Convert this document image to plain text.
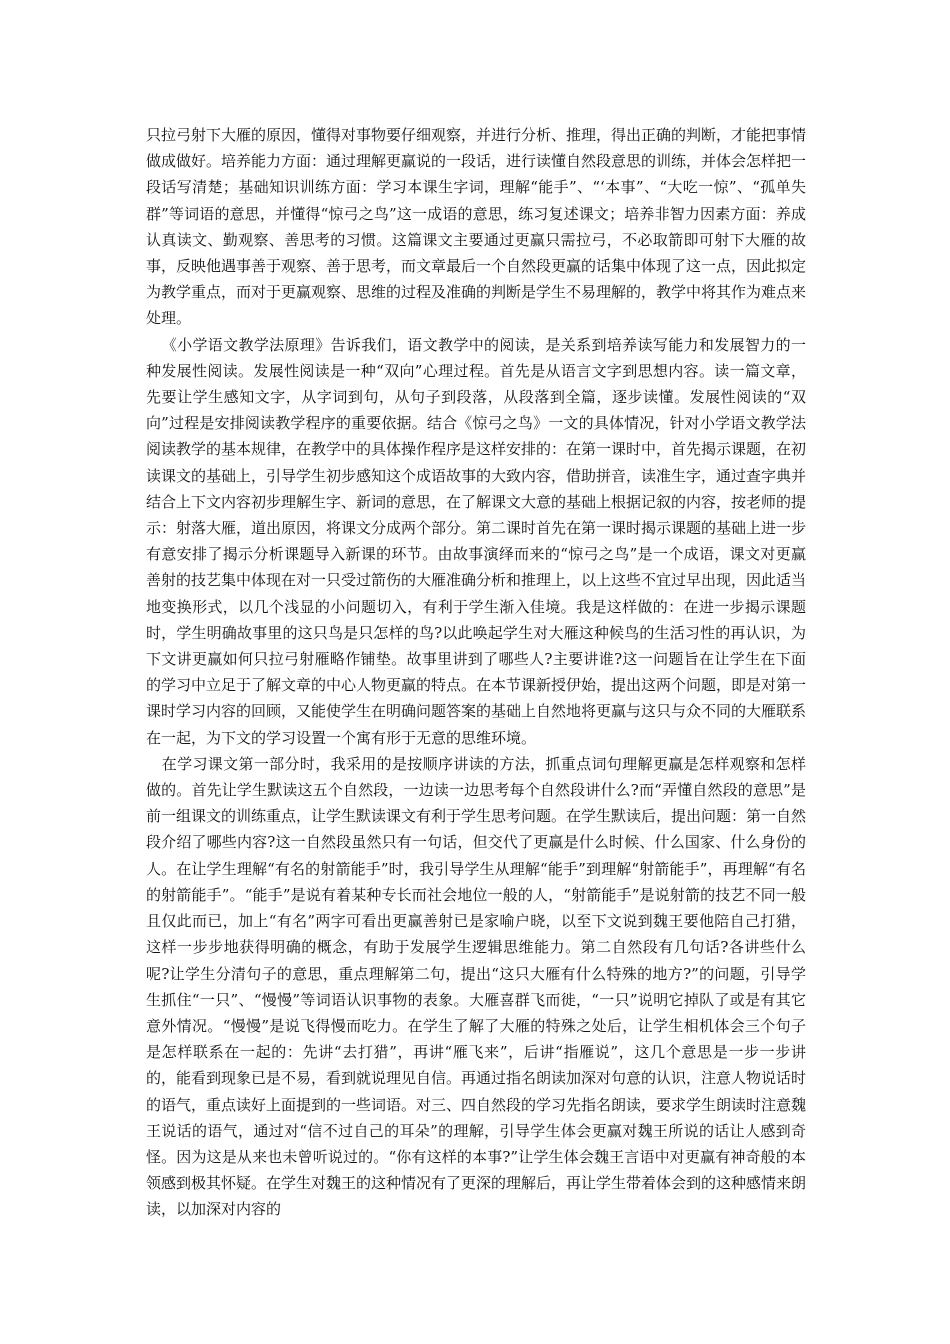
只拉弓射下大雁的原因，懂得对事物要仔细观察，并进行分析、推理，得出正确的判断，才能把事情做成做好。培养能力方面：通过理解更赢说的一段话，进行读懂自然段意思的训练，并体会怎样把一段话写清楚；基础知识训练方面：学习本课生字词，理解“能手”、“‘本事”、“大吃一惊”、“孤单失群”等词语的意思，并懂得“惊弓之鸟”这一成语的意思，练习复述课文；培养非智力因素方面：养成认真读文、勤观察、善思考的习惯。这篇课文主要通过更赢只需拉弓，不必取箭即可射下大雁的故事，反映他遇事善于观察、善于思考，而文章最后一个自然段更赢的话集中体现了这一点，因此拟定为教学重点，而对于更赢观察、思维的过程及准确的判断是学生不易理解的，教学中将其作为难点来处理。

《小学语文教学法原理》告诉我们，语文教学中的阅读，是关系到培养读写能力和发展智力的一种发展性阅读。发展性阅读是一种“双向”心理过程。首先是从语言文字到思想内容。读一篇文章，先要让学生感知文字，从字词到句，从句子到段落，从段落到全篇，逐步读懂。发展性阅读的“双向”过程是安排阅读教学程序的重要依据。结合《惊弓之鸟》一文的具体情况，针对小学语文教学法阅读教学的基本规律，在教学中的具体操作程序是这样安排的：在第一课时中，首先揭示课题，在初读课文的基础上，引导学生初步感知这个成语故事的大致内容，借助拼音，读准生字，通过查字典并结合上下文内容初步理解生字、新词的意思，在了解课文大意的基础上根据记叙的内容，按老师的提示：射落大雁，道出原因，将课文分成两个部分。第二课时首先在第一课时揭示课题的基础上进一步有意安排了揭示分析课题导入新课的环节。由故事演绎而来的“惊弓之鸟”是一个成语，课文对更赢善射的技艺集中体现在对一只受过箭伤的大雁准确分析和推理上，以上这些不宜过早出现，因此适当地变换形式，以几个浅显的小问题切入，有利于学生渐入佳境。我是这样做的：在进一步揭示课题时，学生明确故事里的这只鸟是只怎样的鸟?以此唤起学生对大雁这种候鸟的生活习性的再认识，为下文讲更赢如何只拉弓射雁略作铺垫。故事里讲到了哪些人?主要讲谁?这一问题旨在让学生在下面的学习中立足于了解文章的中心人物更赢的特点。在本节课新授伊始，提出这两个问题，即是对第一课时学习内容的回顾，又能使学生在明确问题答案的基础上自然地将更赢与这只与众不同的大雁联系在一起，为下文的学习设置一个寓有形于无意的思维环境。

在学习课文第一部分时，我采用的是按顺序讲读的方法，抓重点词句理解更赢是怎样观察和怎样做的。首先让学生默读这五个自然段，一边读一边思考每个自然段讲什么?而“弄懂自然段的意思”是前一组课文的训练重点，让学生默读课文有利于学生思考问题。在学生默读后，提出问题：第一自然段介绍了哪些内容?这一自然段虽然只有一句话，但交代了更赢是什么时候、什么国家、什么身份的人。在让学生理解“有名的射箭能手”时，我引导学生从理解“能手”到理解“射箭能手”，再理解“有名的射箭能手”。“能手”是说有着某种专长而社会地位一般的人，“射箭能手”是说射箭的技艺不同一般且仅此而已，加上“有名”两字可看出更赢善射已是家喻户晓，以至下文说到魏王要他陪自己打猎，这样一步步地获得明确的概念，有助于发展学生逻辑思维能力。第二自然段有几句话?各讲些什么呢?让学生分清句子的意思，重点理解第二句，提出“这只大雁有什么特殊的地方?”的问题，引导学生抓住“一只”、“慢慢”等词语认识事物的表象。大雁喜群飞而徙，“一只”说明它掉队了或是有其它意外情况。“慢慢”是说飞得慢而吃力。在学生了解了大雁的特殊之处后，让学生相机体会三个句子是怎样联系在一起的：先讲“去打猎”，再讲“雁飞来”，后讲“指雁说”，这几个意思是一步一步讲的，能看到现象已是不易，看到就说理见自信。再通过指名朗读加深对句意的认识，注意人物说话时的语气，重点读好上面提到的一些词语。对三、四自然段的学习先指名朗读，要求学生朗读时注意魏王说话的语气，通过对“信不过自己的耳朵”的理解，引导学生体会更赢对魏王所说的话让人感到奇怪。因为这是从来也未曾听说过的。“你有这样的本事?”让学生体会魏王言语中对更赢有神奇般的本领感到极其怀疑。在学生对魏王的这种情况有了更深的理解后，再让学生带着体会到的这种感情来朗读，以加深对内容的
